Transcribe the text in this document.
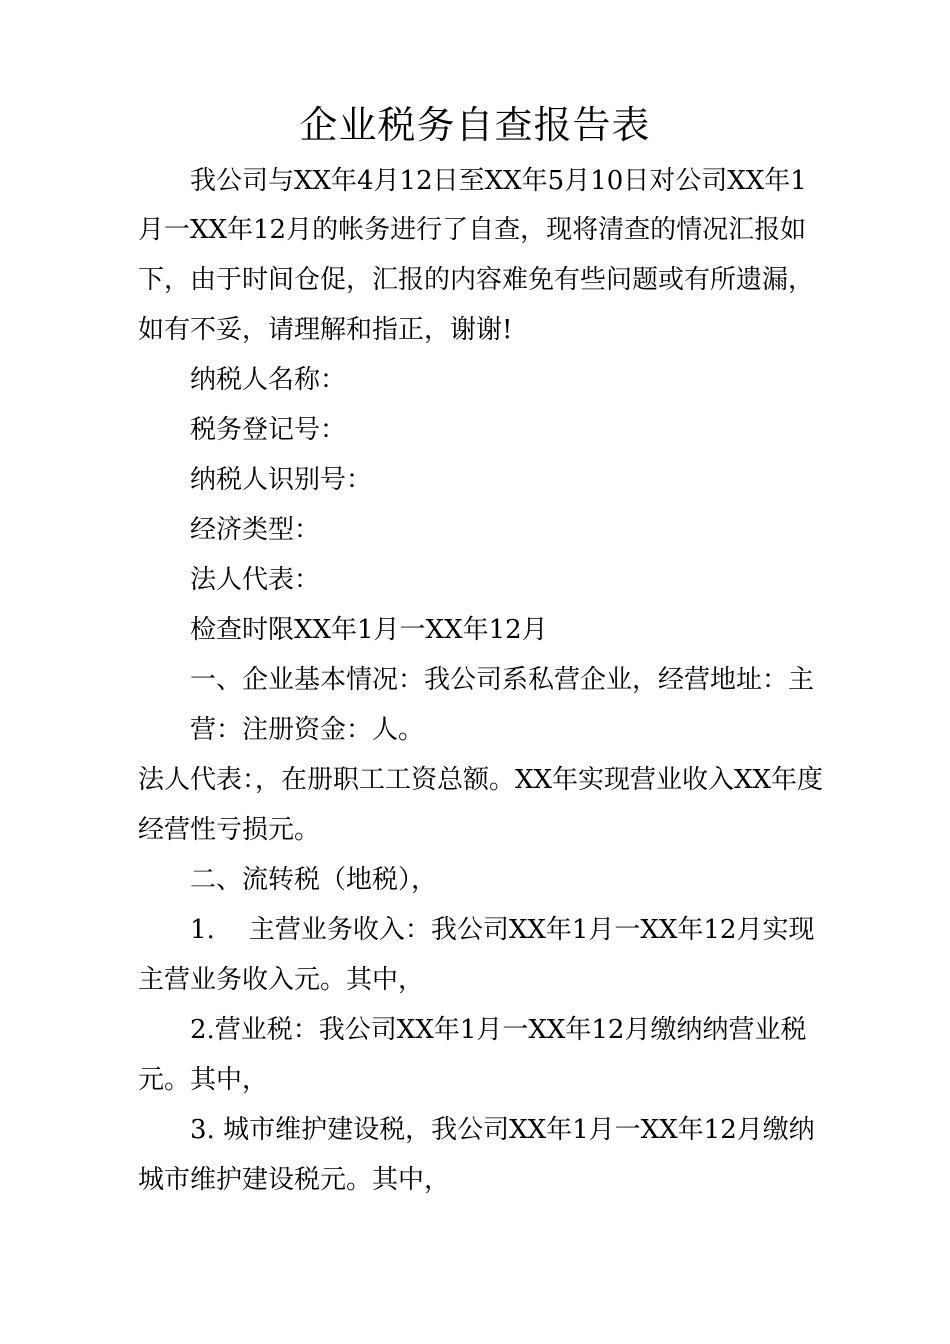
企业税务自查报告表
我公司与XX年4月12日至XX年5月10日对公司XX年1
月一XX年12月的帐务进行了自查，现将清查的情况汇报如
下，由于时间仓促，汇报的内容难免有些问题或有所遗漏，
如有不妥，请理解和指正，谢谢!
纳税人名称：
税务登记号：
纳税人识别号：
经济类型：
法人代表：
检查时限XX年1月一XX年12月
一、企业基本情况：我公司系私营企业，经营地址：主
营：注册资金：人。
法人代表：，在册职工工资总额。XX年实现营业收入XX年度
经营性亏损元。
二、流转税（地税），
1. 主营业务收入：我公司XX年1月一XX年12月实现
主营业务收入元。其中，
2.营业税：我公司XX年1月一XX年12月缴纳纳营业税
元。其中，
3. 城市维护建设税，我公司XX年1月一XX年12月缴纳
城市维护建设税元。其中，
